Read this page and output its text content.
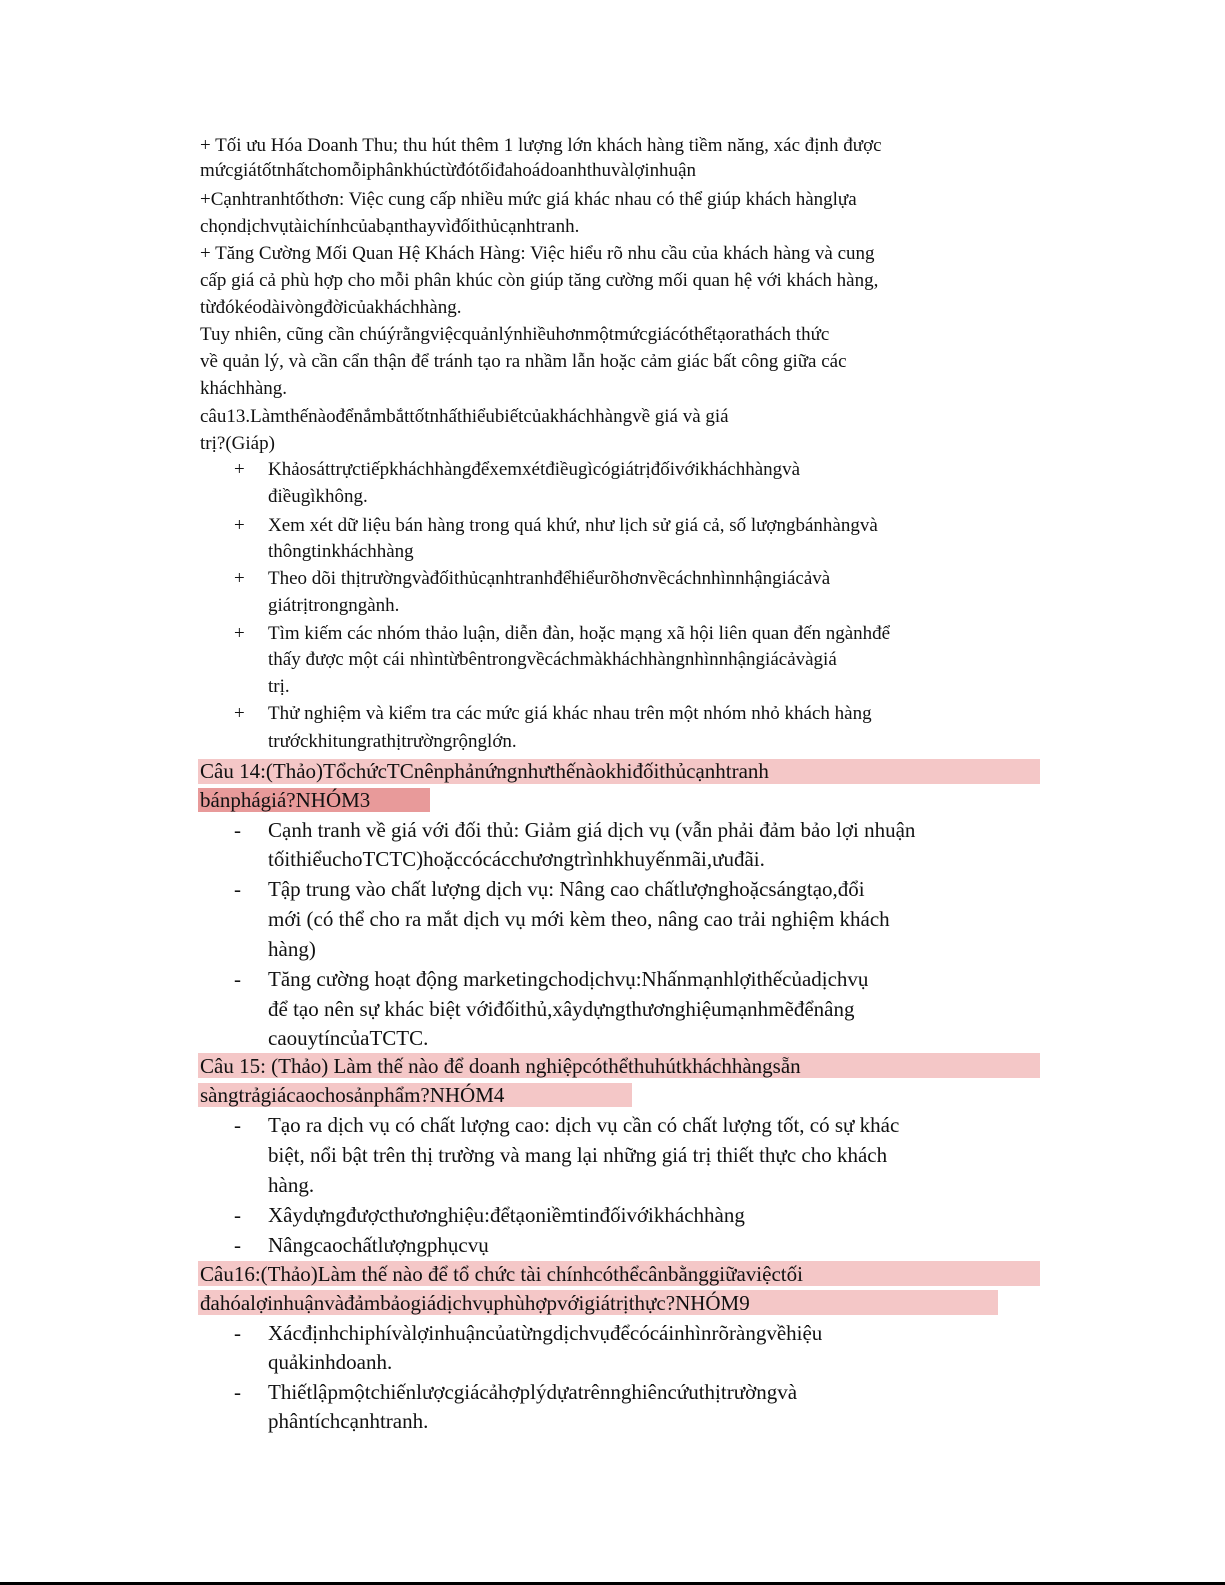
+ Tối ưu Hóa Doanh Thu; thu hút thêm 1 lượng lớn khách hàng tiềm năng, xác định được
mứcgiátốtnhấtchomỗiphânkhúctừđótốiđahoádoanhthuvàlợinhuận
+Cạnhtranhtốthơn: Việc cung cấp nhiều mức giá khác nhau có thể giúp khách hànglựa
chọndịchvụtàichínhcủabạnthayvìđốithủcạnhtranh.
+ Tăng Cường Mối Quan Hệ Khách Hàng: Việc hiểu rõ nhu cầu của khách hàng và cung
cấp giá cả phù hợp cho mỗi phân khúc còn giúp tăng cường mối quan hệ với khách hàng,
từđókéodàivòngđờicủakháchhàng.
Tuy nhiên, cũng cần chúýrằngviệcquảnlýnhiềuhơnmộtmứcgiácóthểtạorathách thức
về quản lý, và cần cẩn thận để tránh tạo ra nhầm lẫn hoặc cảm giác bất công giữa các
kháchhàng.
câu13.Làmthếnàođểnắmbắttốtnhấthiểubiếtcủakháchhàngvề giá và giá
trị?(Giáp)
+ Khảosáttrựctiếpkháchhàngđểxemxétđiềugìcógiátrịđốivớikháchhàngvà
điềugìkhông.
+ Xem xét dữ liệu bán hàng trong quá khứ, như lịch sử giá cả, số lượngbánhàngvà
thôngtinkháchhàng
+ Theo dõi thịtrườngvàđốithủcạnhtranhđểhiểurõhơnvềcáchnhìnnhậngiácảvà
giátrịtrongngành.
+ Tìm kiếm các nhóm thảo luận, diễn đàn, hoặc mạng xã hội liên quan đến ngànhđể
thấy được một cái nhìntừbêntrongvềcáchmàkháchhàngnhìnnhậngiácảvàgiá
trị.
+ Thử nghiệm và kiểm tra các mức giá khác nhau trên một nhóm nhỏ khách hàng
trướckhitungrathịtrườngrộnglớn.
Câu 14:(Thảo)TổchứcTCnênphảnứngnhưthếnàokhiđốithủcạnhtranh
bánphágiá?NHÓM3
- Cạnh tranh về giá với đối thủ: Giảm giá dịch vụ (vẫn phải đảm bảo lợi nhuận
tốithiểuchoTCTC)hoặccócácchươngtrìnhkhuyếnmãi,ưuđãi.
- Tập trung vào chất lượng dịch vụ: Nâng cao chấtlượnghoặcsángtạo,đổi
mới (có thể cho ra mắt dịch vụ mới kèm theo, nâng cao trải nghiệm khách
hàng)
- Tăng cường hoạt động marketingchodịchvụ:Nhấnmạnhlợithếcủadịchvụ
để tạo nên sự khác biệt vớiđốithủ,xâydựngthươnghiệumạnhmẽđểnâng
caouytíncủaTCTC.
Câu 15: (Thảo) Làm thế nào để doanh nghiệpcóthểthuhútkháchhàngsẵn
sàngtrảgiácaochosảnphẩm?NHÓM4
- Tạo ra dịch vụ có chất lượng cao: dịch vụ cần có chất lượng tốt, có sự khác
biệt, nổi bật trên thị trường và mang lại những giá trị thiết thực cho khách
hàng.
- Xâydựngđượcthươnghiệu:đểtạoniềmtinđốivớikháchhàng
- Nângcaochấtlượngphụcvụ
Câu16:(Thảo)Làm thế nào để tổ chức tài chínhcóthểcânbằnggiữaviệctối
đahóalợinhuậnvàđảmbảogiádịchvụphùhợpvớigiátrịthực?NHÓM9
- Xácđịnhchiphívàlợinhuậncủatừngdịchvụđểcócáinhìnrõràngvềhiệu
quảkinhdoanh.
- Thiếtlậpmộtchiếnlượcgiácảhợplýdựatrênnghiêncứuthịtrườngvà
phântíchcạnhtranh.
